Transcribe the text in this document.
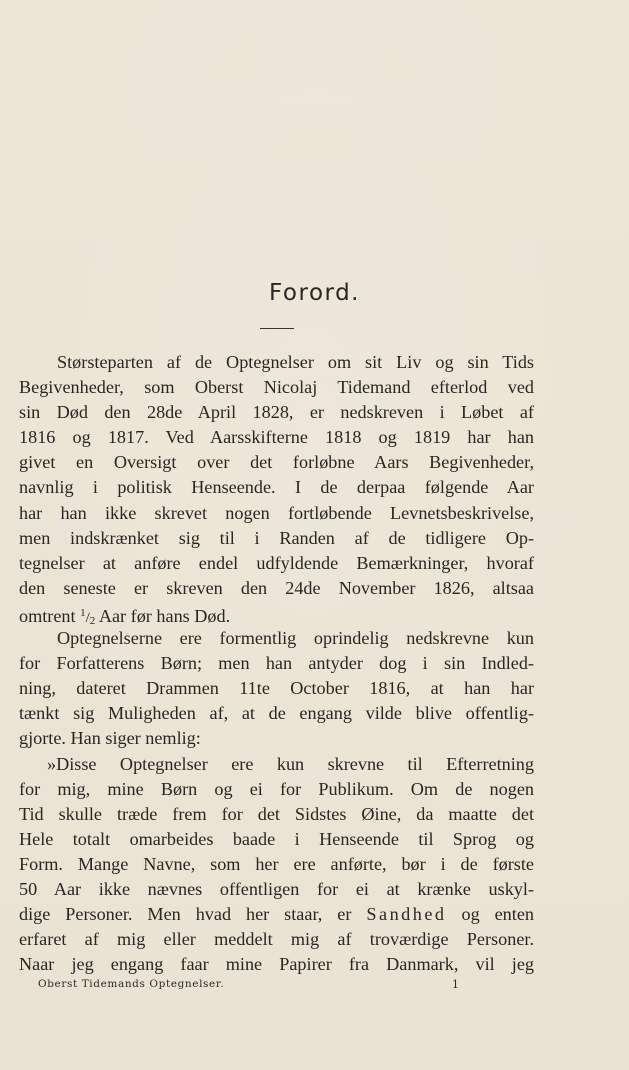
Forord.
Størsteparten af de Optegnelser om sit Liv og sin Tids
Begivenheder, som Oberst Nicolaj Tidemand efterlod ved
sin Død den 28de April 1828, er nedskreven i Løbet af
1816 og 1817. Ved Aarsskifterne 1818 og 1819 har han
givet en Oversigt over det forløbne Aars Begivenheder,
navnlig i politisk Henseende. I de derpaa følgende Aar
har han ikke skrevet nogen fortløbende Levnetsbeskrivelse,
men indskrænket sig til i Randen af de tidligere Op-
tegnelser at anføre endel udfyldende Bemærkninger, hvoraf
den seneste er skreven den 24de November 1826, altsaa
omtrent $^1$/2 Aar før hans Død.
Optegnelserne ere formentlig oprindelig nedskrevne kun
for Forfatterens Børn; men han antyder dog i sin Indled-
ning, dateret Drammen 11te October 1816, at han har
tænkt sig Muligheden af, at de engang vilde blive offentlig-
gjorte. Han siger nemlig:
»Disse Optegnelser ere kun skrevne til Efterretning
for mig, mine Børn og ei for Publikum. Om de nogen
Tid skulle træde frem for det Sidstes Øine, da maatte det
Hele totalt omarbeides baade i Henseende til Sprog og
Form. Mange Navne, som her ere anførte, bør i de første
50 Aar ikke nævnes offentligen for ei at krænke uskyl-
dige Personer. Men hvad her staar, er Sandhed og enten
erfaret af mig eller meddelt mig af troværdige Personer.
Naar jeg engang faar mine Papirer fra Danmark, vil jeg
Oberst Tidemands Optegnelser.	1
